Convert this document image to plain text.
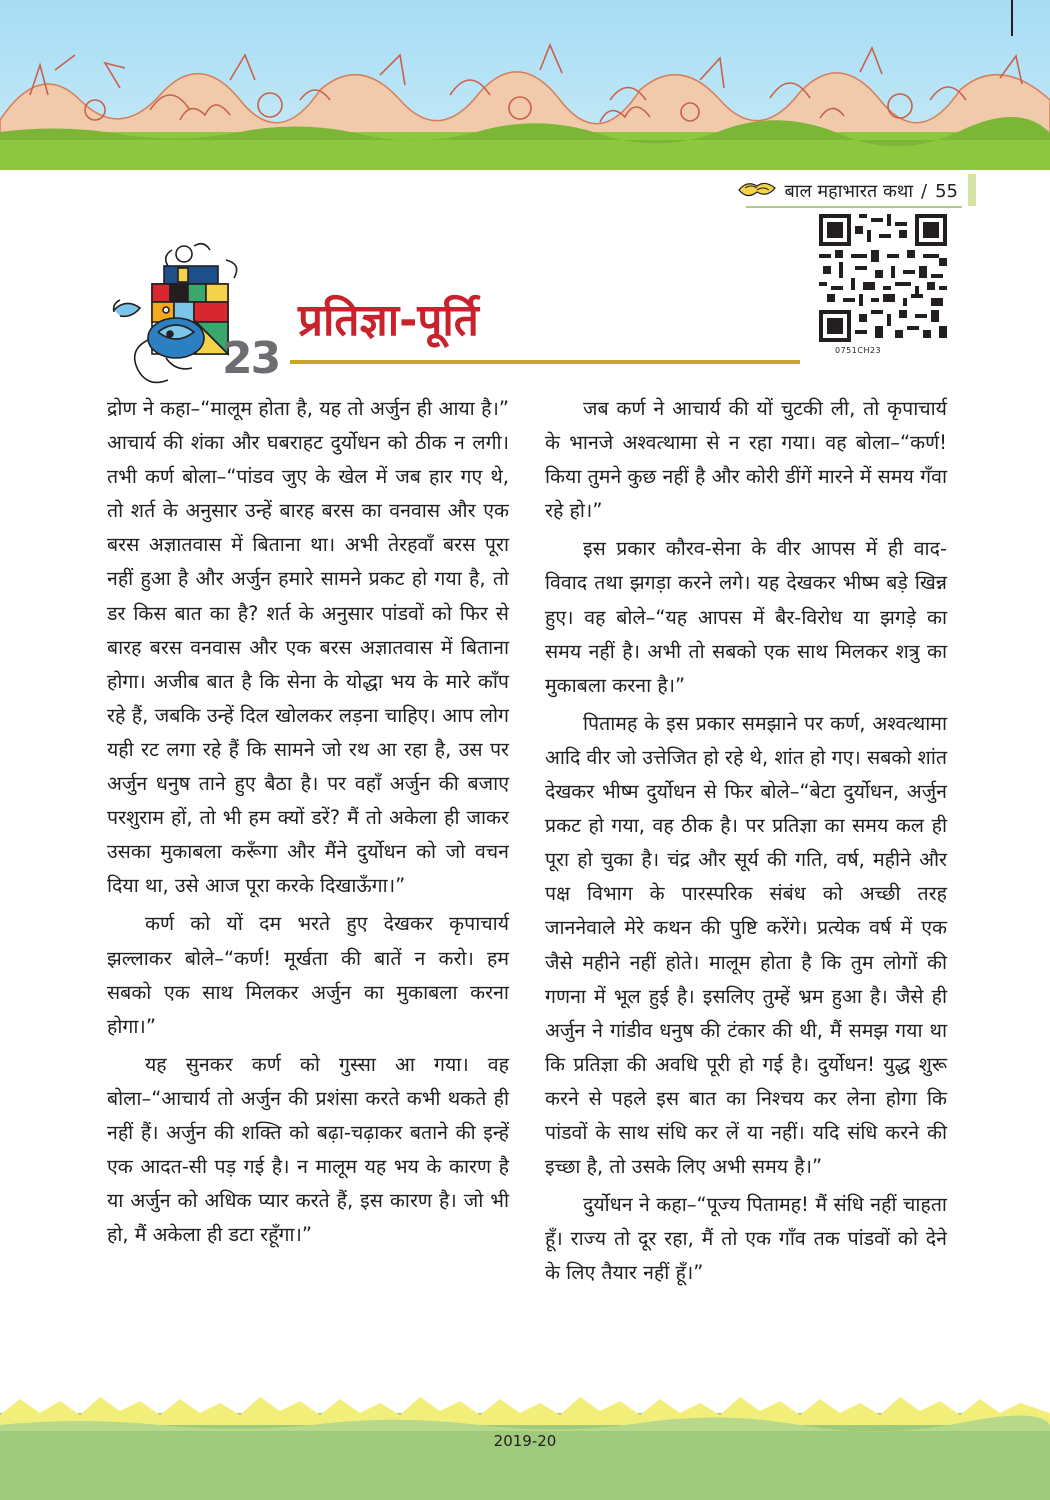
बाल महाभारत कथा / 55
0751CH23
23
प्रतिज्ञा-पूर्ति

द्रोण ने कहा–“मालूम होता है, यह तो अर्जुन ही आया है।” आचार्य की शंका और घबराहट दुर्योधन को ठीक न लगी। तभी कर्ण बोला–“पांडव जुए के खेल में जब हार गए थे, तो शर्त के अनुसार उन्हें बारह बरस का वनवास और एक बरस अज्ञातवास में बिताना था। अभी तेरहवाँ बरस पूरा नहीं हुआ है और अर्जुन हमारे सामने प्रकट हो गया है, तो डर किस बात का है? शर्त के अनुसार पांडवों को फिर से बारह बरस वनवास और एक बरस अज्ञातवास में बिताना होगा। अजीब बात है कि सेना के योद्धा भय के मारे काँप रहे हैं, जबकि उन्हें दिल खोलकर लड़ना चाहिए। आप लोग यही रट लगा रहे हैं कि सामने जो रथ आ रहा है, उस पर अर्जुन धनुष ताने हुए बैठा है। पर वहाँ अर्जुन की बजाए परशुराम हों, तो भी हम क्यों डरें? मैं तो अकेला ही जाकर उसका मुकाबला करूँगा और मैंने दुर्योधन को जो वचन दिया था, उसे आज पूरा करके दिखाऊँगा।”

कर्ण को यों दम भरते हुए देखकर कृपाचार्य झल्लाकर बोले–“कर्ण! मूर्खता की बातें न करो। हम सबको एक साथ मिलकर अर्जुन का मुकाबला करना होगा।”

यह सुनकर कर्ण को गुस्सा आ गया। वह बोला–“आचार्य तो अर्जुन की प्रशंसा करते कभी थकते ही नहीं हैं। अर्जुन की शक्ति को बढ़ा-चढ़ाकर बताने की इन्हें एक आदत-सी पड़ गई है। न मालूम यह भय के कारण है या अर्जुन को अधिक प्यार करते हैं, इस कारण है। जो भी हो, मैं अकेला ही डटा रहूँगा।”

जब कर्ण ने आचार्य की यों चुटकी ली, तो कृपाचार्य के भानजे अश्वत्थामा से न रहा गया। वह बोला–“कर्ण! किया तुमने कुछ नहीं है और कोरी डींगें मारने में समय गँवा रहे हो।”

इस प्रकार कौरव-सेना के वीर आपस में ही वाद-विवाद तथा झगड़ा करने लगे। यह देखकर भीष्म बड़े खिन्न हुए। वह बोले–“यह आपस में बैर-विरोध या झगड़े का समय नहीं है। अभी तो सबको एक साथ मिलकर शत्रु का मुकाबला करना है।”

पितामह के इस प्रकार समझाने पर कर्ण, अश्वत्थामा आदि वीर जो उत्तेजित हो रहे थे, शांत हो गए। सबको शांत देखकर भीष्म दुर्योधन से फिर बोले–“बेटा दुर्योधन, अर्जुन प्रकट हो गया, वह ठीक है। पर प्रतिज्ञा का समय कल ही पूरा हो चुका है। चंद्र और सूर्य की गति, वर्ष, महीने और पक्ष विभाग के पारस्परिक संबंध को अच्छी तरह जाननेवाले मेरे कथन की पुष्टि करेंगे। प्रत्येक वर्ष में एक जैसे महीने नहीं होते। मालूम होता है कि तुम लोगों की गणना में भूल हुई है। इसलिए तुम्हें भ्रम हुआ है। जैसे ही अर्जुन ने गांडीव धनुष की टंकार की थी, मैं समझ गया था कि प्रतिज्ञा की अवधि पूरी हो गई है। दुर्योधन! युद्ध शुरू करने से पहले इस बात का निश्चय कर लेना होगा कि पांडवों के साथ संधि कर लें या नहीं। यदि संधि करने की इच्छा है, तो उसके लिए अभी समय है।”

दुर्योधन ने कहा–“पूज्य पितामह! मैं संधि नहीं चाहता हूँ। राज्य तो दूर रहा, मैं तो एक गाँव तक पांडवों को देने के लिए तैयार नहीं हूँ।”

2019-20
